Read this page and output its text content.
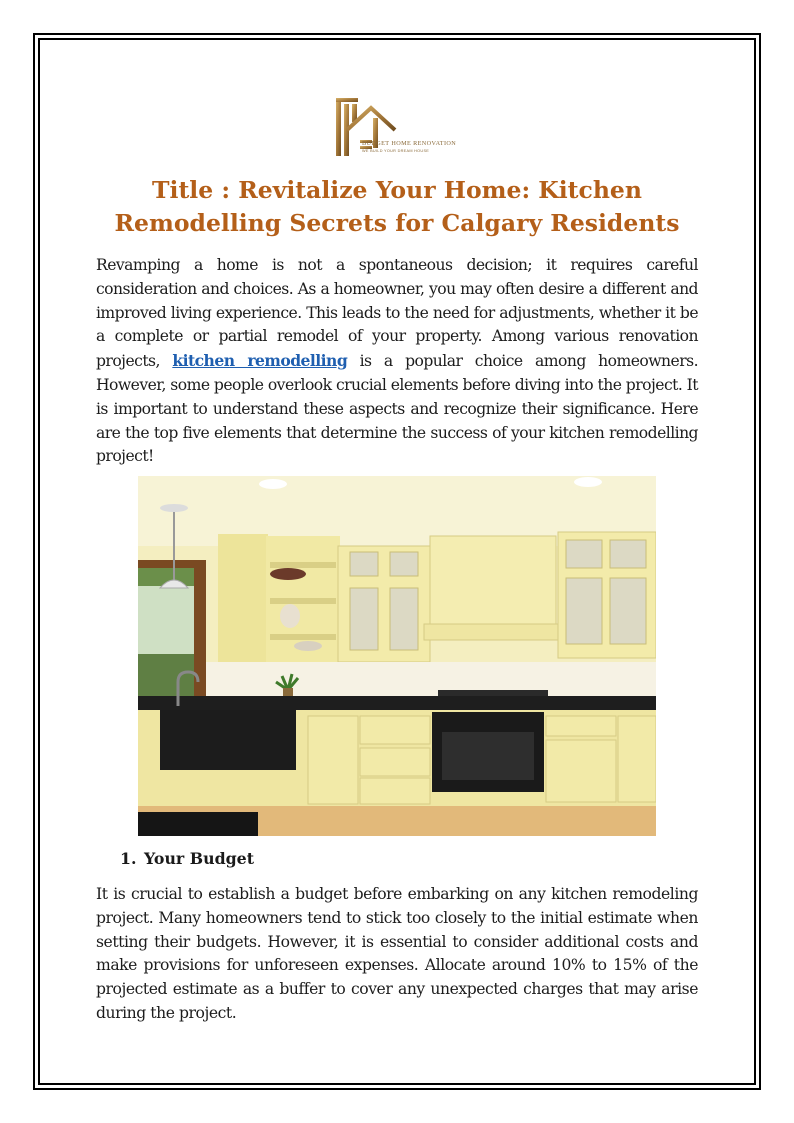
BUDGET HOME RENOVATION
WE BUILD YOUR DREAM HOUSE
Title : Revitalize Your Home: Kitchen Remodelling Secrets for Calgary Residents
Revamping a home is not a spontaneous decision; it requires careful consideration and choices. As a homeowner, you may often desire a different and improved living experience. This leads to the need for adjustments, whether it be a complete or partial remodel of your property. Among various renovation projects, kitchen remodelling is a popular choice among homeowners. However, some people overlook crucial elements before diving into the project. It is important to understand these aspects and recognize their significance. Here are the top five elements that determine the success of your kitchen remodelling project!
1. Your Budget
It is crucial to establish a budget before embarking on any kitchen remodeling project. Many homeowners tend to stick too closely to the initial estimate when setting their budgets. However, it is essential to consider additional costs and make provisions for unforeseen expenses. Allocate around 10% to 15% of the projected estimate as a buffer to cover any unexpected charges that may arise during the project.
